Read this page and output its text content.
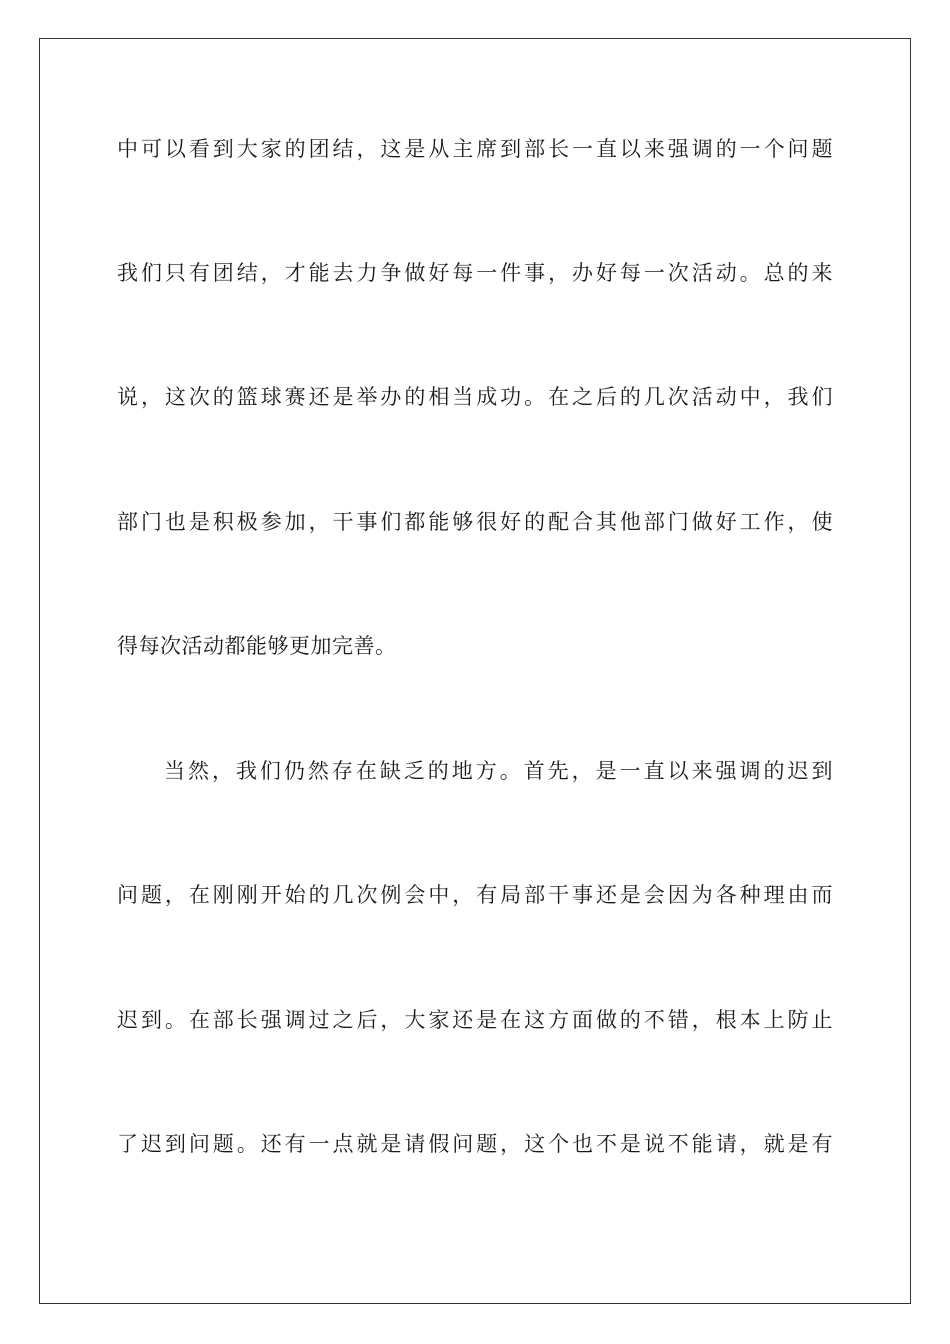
中可以看到大家的团结，这是从主席到部长一直以来强调的一个问题
我们只有团结，才能去力争做好每一件事，办好每一次活动。总的来
说，这次的篮球赛还是举办的相当成功。在之后的几次活动中，我们
部门也是积极参加，干事们都能够很好的配合其他部门做好工作，使
得每次活动都能够更加完善。
当然，我们仍然存在缺乏的地方。首先，是一直以来强调的迟到
问题，在刚刚开始的几次例会中，有局部干事还是会因为各种理由而
迟到。在部长强调过之后，大家还是在这方面做的不错，根本上防止
了迟到问题。还有一点就是请假问题，这个也不是说不能请，就是有
